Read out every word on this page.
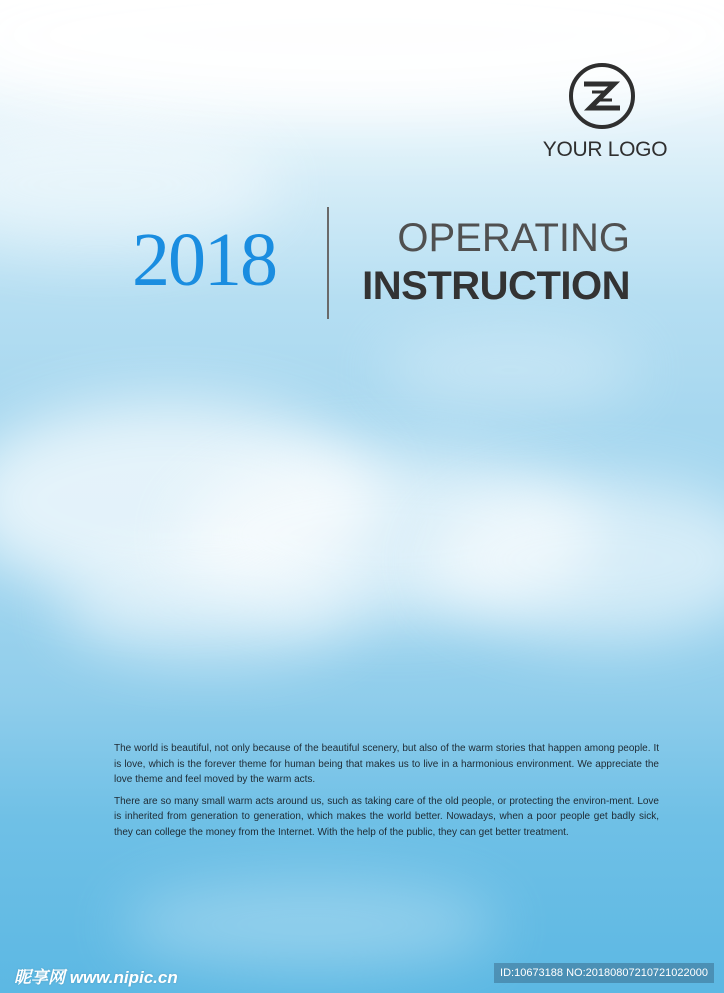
YOUR LOGO
2018	OPERATING
INSTRUCTION

The world is beautiful, not only because of the beautiful scenery, but also of the warm stories that happen among people. It is love, which is the forever theme for human being that makes us to live in a harmonious environment. We appreciate the love theme and feel moved by the warm acts.

There are so many small warm acts around us, such as taking care of the old people, or protecting the environ-ment. Love is inherited from generation to generation, which makes the world better. Nowadays, when a poor people get badly sick, they can college the money from the Internet. With the help of the public, they can get better treatment.

昵享网 www.nipic.cn	ID:10673188 NO:20180807210721022000
